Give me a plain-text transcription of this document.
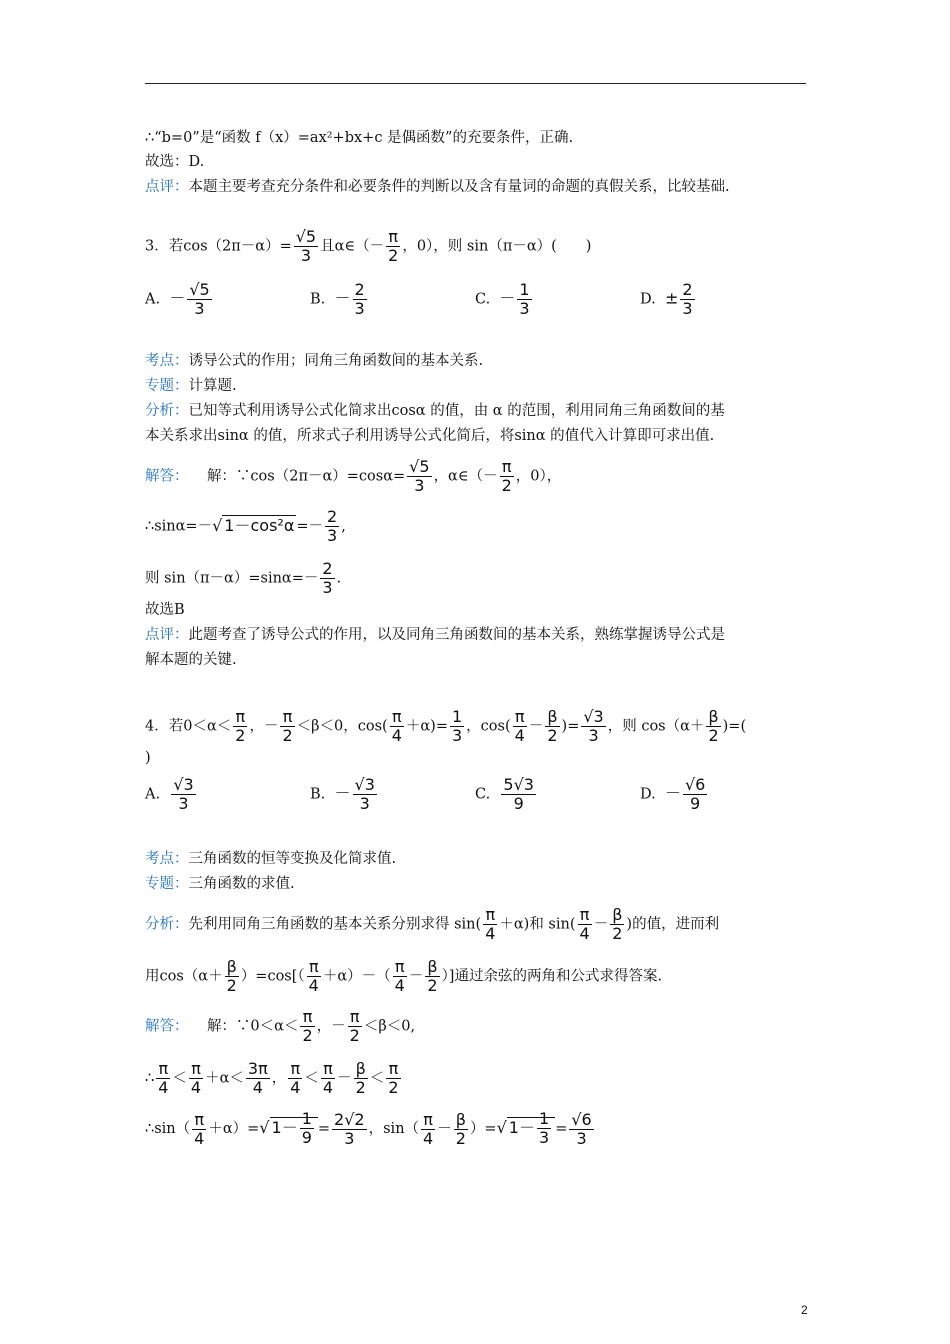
∴“b=0”是“函数 f（x）=ax²+bx+c 是偶函数”的充要条件，正确.
故选：D.
点评：本题主要考查充分条件和必要条件的判断以及含有量词的命题的真假关系，比较基础.
3．若$\cos(2\pi-\alpha)= \frac{√5}{3}$ 且α∈（－ $\frac{\pi}{2}$ ，0），则 sin（π－α）(　　)
A. － $\frac{√5}{3}$	B. － $\frac{2}{3}$	C. － $\frac{1}{3}$	D. ± $\frac{2}{3}$
考点：诱导公式的作用；同角三角函数间的基本关系.
专题：计算题.
分析：已知等式利用诱导公式化简求出cosα 的值，由 α 的范围，利用同角三角函数间的基
本关系求出sinα 的值，所求式子利用诱导公式化简后，将sinα 的值代入计算即可求出值.
解答： 解：∵cos（2π－α）=cosα= $\frac{√5}{3}$ ，α∈（－ $\frac{\pi}{2}$ ，0），
∴sinα=－√ $1-\cos^2\alpha =- \frac{2}{3}$ ,
则 $\sin(\pi-\alpha)=\sin\alpha=- \frac{2}{3}$ .
故选B
点评：此题考查了诱导公式的作用，以及同角三角函数间的基本关系，熟练掌握诱导公式是
解本题的关键.
4．若$0<\alpha< \frac{\pi}{2}$ ，－ $\frac{\pi}{2} <\beta<0$，$\cos( \frac{\pi}{4} +\alpha)= \frac{1}{3}$ ，$\cos( \frac{\pi}{4} - \frac{\beta}{2}$ )= $\frac{√3}{3}$ ，则 $\cos(\alpha+ \frac{\beta}{2}$ )=(
)
A. $\frac{√3}{3}$	B. － $\frac{√3}{3}$	C. $\frac{5√3}{9}$	D. － $\frac{√6}{9}$
考点：三角函数的恒等变换及化简求值.
专题：三角函数的求值.
分析：先利用同角三角函数的基本关系分别求得 $\sin( \frac{\pi}{4} +\alpha)$和 $\sin( \frac{\pi}{4} - \frac{\beta}{2}$ )的值，进而利
用$\cos(\alpha+ \frac{\beta}{2} )=\cos[( \frac{\pi}{4} +\alpha)-( \frac{\pi}{4} - \frac{\beta}{2}$ ）]通过余弦的两角和公式求得答案.
解答： 解：∵0＜α＜ $\frac{\pi}{2}$ ，－ $\frac{\pi}{2} <\beta<0$,
∴ $\frac{\pi}{4} < \frac{\pi}{4} +\alpha< \frac{3\pi}{4}$ ， $\frac{\pi}{4} < \frac{\pi}{4} - \frac{\beta}{2} < \frac{\pi}{2}$
∴sin（ $\frac{\pi}{4} +\alpha)=√$ $1- \frac{1}{9} = \frac{2√2}{3}$ ，$\sin( \frac{\pi}{4} - \frac{\beta}{2}$ ）=√ $1- \frac{1}{3} = \frac{√6}{3}$
2
